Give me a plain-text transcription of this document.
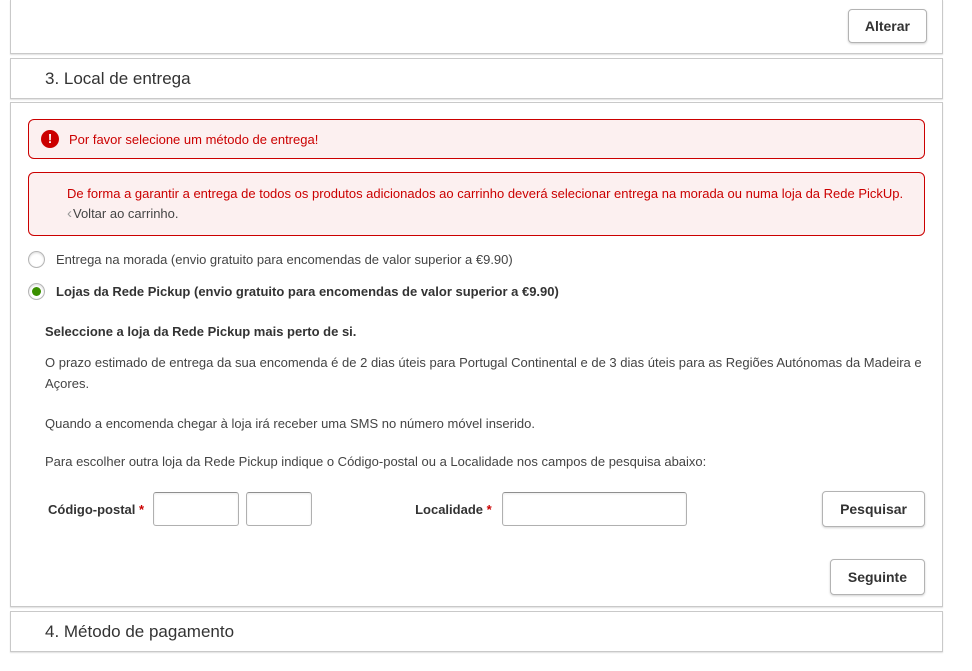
Alterar
3. Local de entrega
!	Por favor selecione um método de entrega!
De forma a garantir a entrega de todos os produtos adicionados ao carrinho deverá selecionar entrega na morada ou numa loja da Rede PickUp.
‹Voltar ao carrinho.
Entrega na morada (envio gratuito para encomendas de valor superior a €9.90)
Lojas da Rede Pickup (envio gratuito para encomendas de valor superior a €9.90)
Seleccione a loja da Rede Pickup mais perto de si.

O prazo estimado de entrega da sua encomenda é de 2 dias úteis para Portugal Continental e de 3 dias úteis para as Regiões Autónomas da Madeira e Açores.

Quando a encomenda chegar à loja irá receber uma SMS no número móvel inserido.

Para escolher outra loja da Rede Pickup indique o Código-postal ou a Localidade nos campos de pesquisa abaixo:

Código-postal *	Localidade *	Pesquisar
Seguinte
4. Método de pagamento
